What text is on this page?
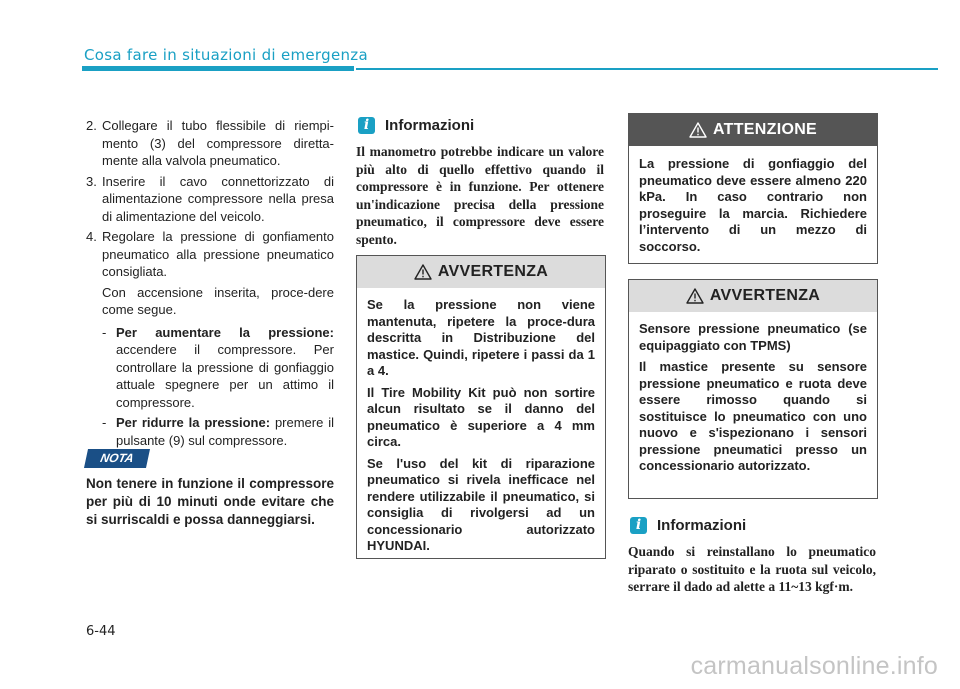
Cosa fare in situazioni di emergenza
2. Collegare il tubo flessibile di riempi-mento (3) del compressore diretta-mente alla valvola pneumatico.
3. Inserire il cavo connettorizzato di alimentazione compressore nella presa di alimentazione del veicolo.
4. Regolare la pressione di gonfiamento pneumatico alla pressione pneumatico consigliata.
Con accensione inserita, proce-dere come segue.
- Per aumentare la pressione: accendere il compressore. Per controllare la pressione di gonfiaggio attuale spegnere per un attimo il compressore.
- Per ridurre la pressione: premere il pulsante (9) sul compressore.
NOTA
Non tenere in funzione il compressore per più di 10 minuti onde evitare che si surriscaldi e possa danneggiarsi.
i	Informazioni
Il manometro potrebbe indicare un valore più alto di quello effettivo quando il compressore è in funzione. Per ottenere un'indicazione precisa della pressione pneumatico, il compressore deve essere spento.
AVVERTENZA

Se la pressione non viene mantenuta, ripetere la proce-dura descritta in Distribuzione del mastice. Quindi, ripetere i passi da 1 a 4.

Il Tire Mobility Kit può non sortire alcun risultato se il danno del pneumatico è superiore a 4 mm circa.

Se l'uso del kit di riparazione pneumatico si rivela inefficace nel rendere utilizzabile il pneumatico, si consiglia di rivolgersi ad un concessionario autorizzato HYUNDAI.

ATTENZIONE
La pressione di gonfiaggio del pneumatico deve essere almeno 220 kPa. In caso contrario non proseguire la marcia. Richiedere l’intervento di un mezzo di soccorso.
AVVERTENZA

Sensore pressione pneumatico (se equipaggiato con TPMS)

Il mastice presente su sensore pressione pneumatico e ruota deve essere rimosso quando si sostituisce lo pneumatico con uno nuovo e s'ispezionano i sensori pressione pneumatici presso un concessionario autorizzato.

i	Informazioni
Quando si reinstallano lo pneumatico riparato o sostituito e la ruota sul veicolo, serrare il dado ad alette a 11~13 kgf·m.
6-44
carmanualsonline.info
